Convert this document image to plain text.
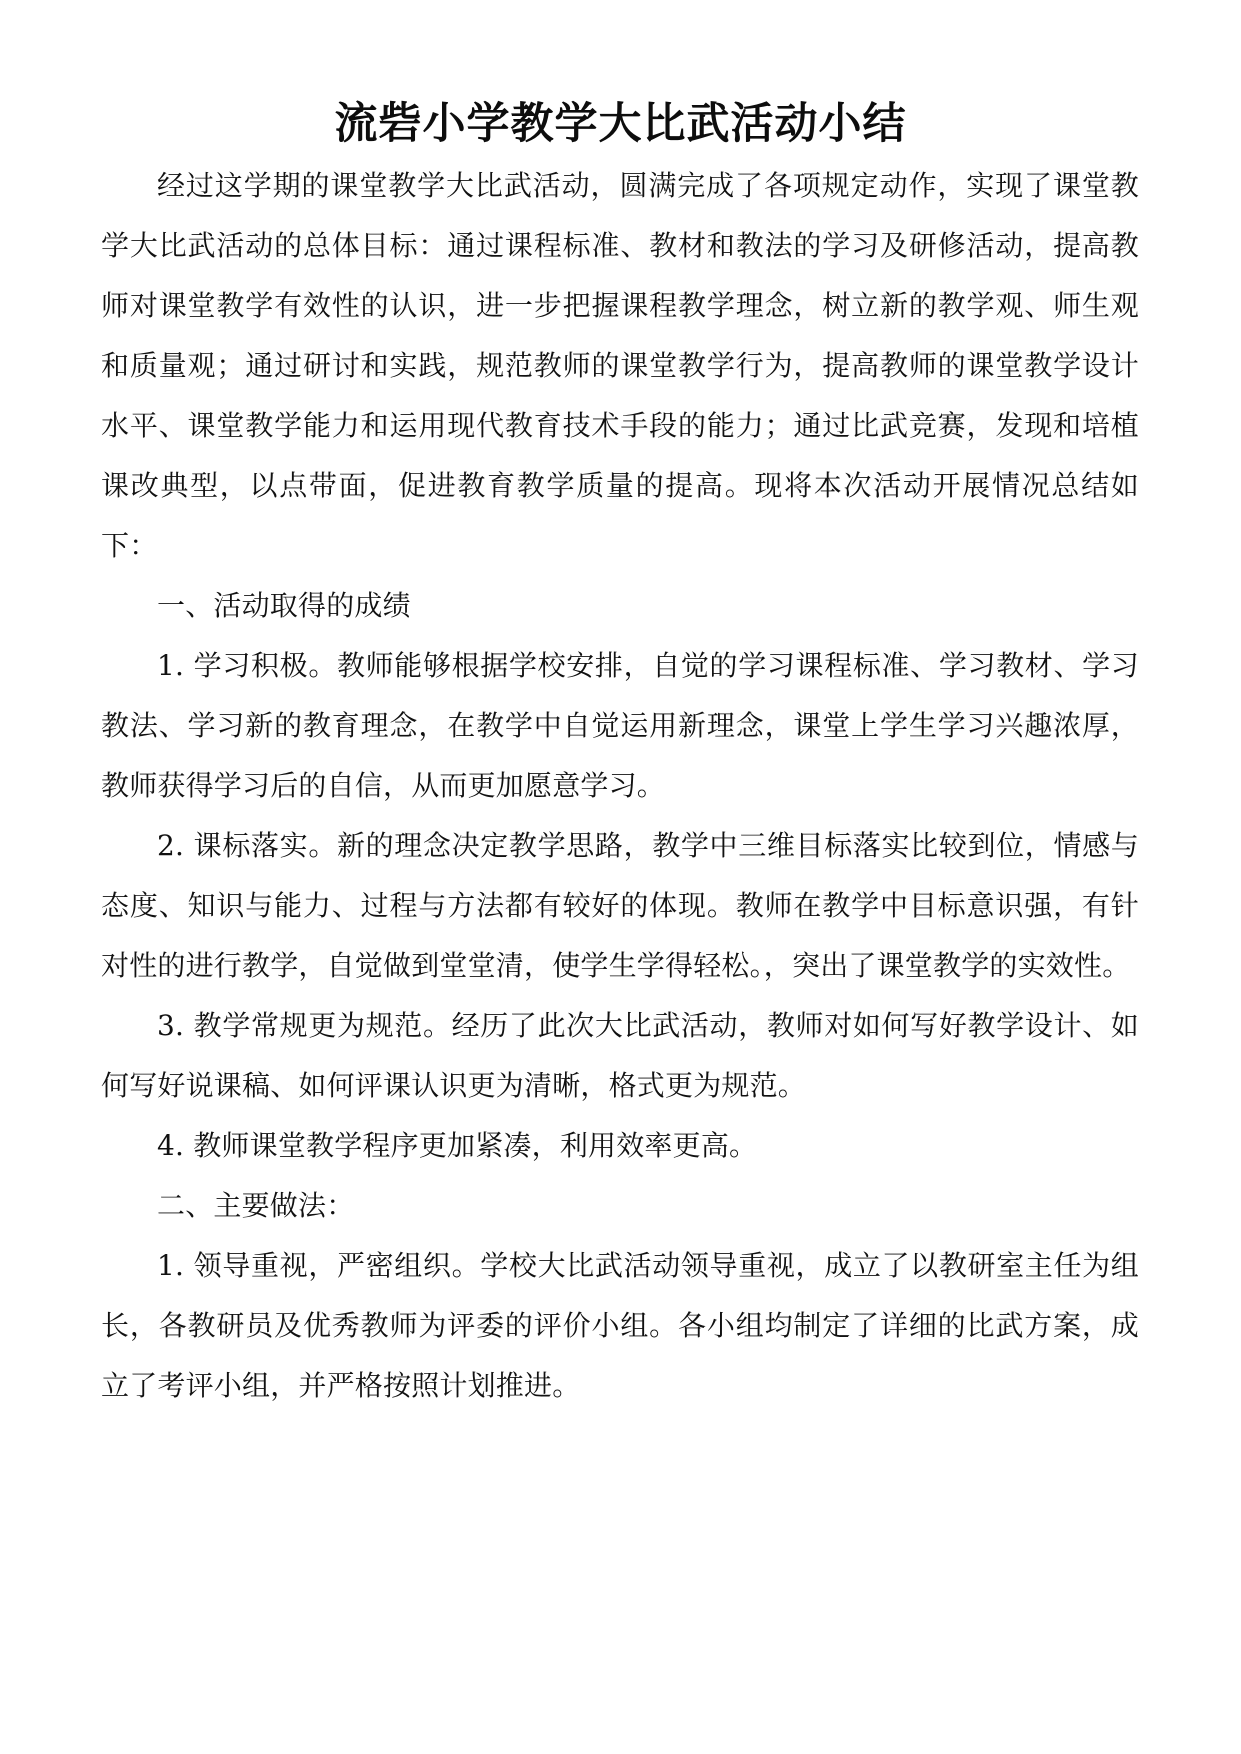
流砦小学教学大比武活动小结

经过这学期的课堂教学大比武活动，圆满完成了各项规定动作，实现了课堂教学大比武活动的总体目标：通过课程标准、教材和教法的学习及研修活动，提高教师对课堂教学有效性的认识，进一步把握课程教学理念，树立新的教学观、师生观和质量观；通过研讨和实践，规范教师的课堂教学行为，提高教师的课堂教学设计水平、课堂教学能力和运用现代教育技术手段的能力；通过比武竞赛，发现和培植课改典型，以点带面，促进教育教学质量的提高。现将本次活动开展情况总结如下：

一、活动取得的成绩

1. 学习积极。教师能够根据学校安排，自觉的学习课程标准、学习教材、学习教法、学习新的教育理念，在教学中自觉运用新理念，课堂上学生学习兴趣浓厚，教师获得学习后的自信，从而更加愿意学习。

2. 课标落实。新的理念决定教学思路，教学中三维目标落实比较到位，情感与态度、知识与能力、过程与方法都有较好的体现。教师在教学中目标意识强，有针对性的进行教学，自觉做到堂堂清，使学生学得轻松。，突出了课堂教学的实效性。

3. 教学常规更为规范。经历了此次大比武活动，教师对如何写好教学设计、如何写好说课稿、如何评课认识更为清晰，格式更为规范。

4. 教师课堂教学程序更加紧凑，利用效率更高。

二、主要做法：

1. 领导重视，严密组织。学校大比武活动领导重视，成立了以教研室主任为组长，各教研员及优秀教师为评委的评价小组。各小组均制定了详细的比武方案，成立了考评小组，并严格按照计划推进。
